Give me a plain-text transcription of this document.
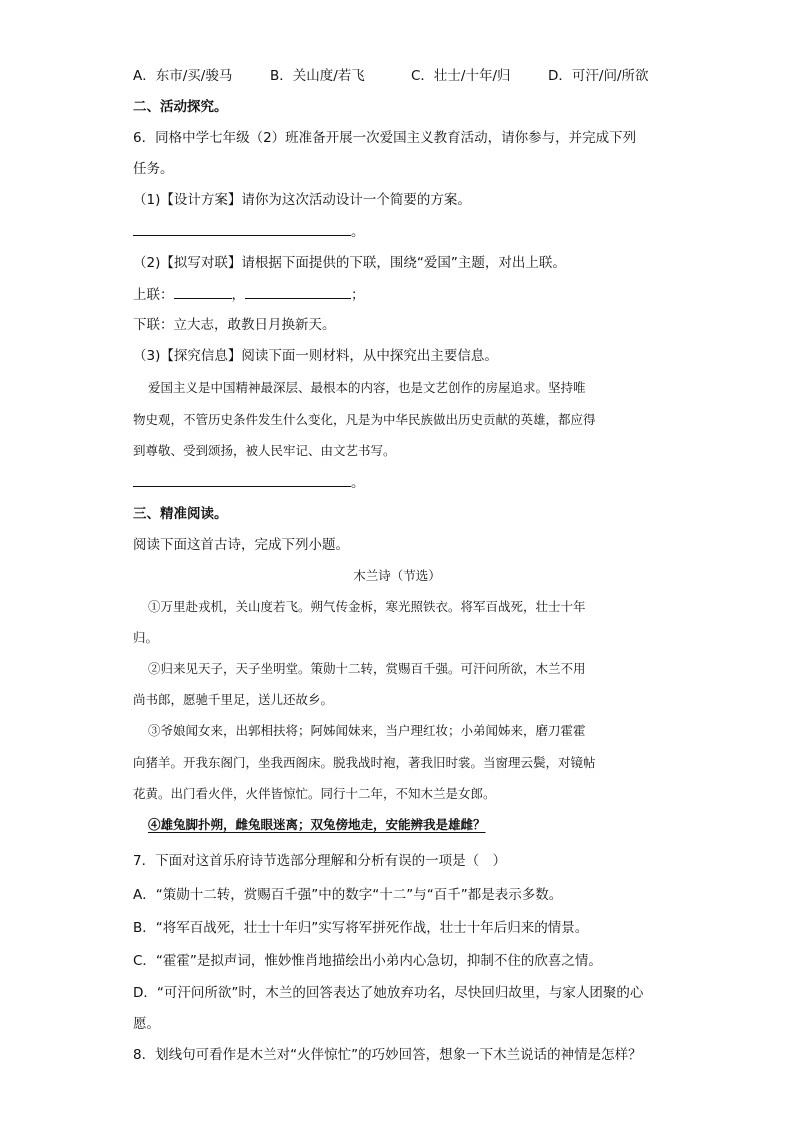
A．东市/买/骏马	B．关山度/若飞	C．壮士/十年/归	D．可汗/问/所欲
二、活动探究。
6．同格中学七年级（2）班准备开展一次爱国主义教育活动，请你参与，并完成下列
任务。
（1)【设计方案】请你为这次活动设计一个简要的方案。
。
（2)【拟写对联】请根据下面提供的下联，围绕“爱国”主题，对出上联。
上联：	，	；
下联：立大志，敢教日月换新天。
（3)【探究信息】阅读下面一则材料，从中探究出主要信息。
爱国主义是中国精神最深层、最根本的内容，也是文艺创作的房屋追求。坚持唯
物史观，不管历史条件发生什么变化，凡是为中华民族做出历史贡献的英雄，都应得
到尊敬、受到颂扬，被人民牢记、由文艺书写。
。
三、精准阅读。
阅读下面这首古诗，完成下列小题。
木兰诗（节选）
①万里赴戎机，关山度若飞。朔气传金柝，寒光照铁衣。将军百战死，壮士十年
归。
②归来见天子，天子坐明堂。策勋十二转，赏赐百千强。可汗问所欲，木兰不用
尚书郎，愿驰千里足，送儿还故乡。
③爷娘闻女来，出郭相扶将；阿姊闻妹来，当户理红妆；小弟闻姊来，磨刀霍霍
向猪羊。开我东阁门，坐我西阁床。脱我战时袍，著我旧时裳。当窗理云鬓，对镜帖
花黄。出门看火伴，火伴皆惊忙。同行十二年，不知木兰是女郎。
④雄兔脚扑朔，雌兔眼迷离；双兔傍地走，安能辨我是雄雌？
7．下面对这首乐府诗节选部分理解和分析有误的一项是（　）
A．“策勋十二转，赏赐百千强”中的数字“十二”与“百千”都是表示多数。
B．“将军百战死，壮士十年归”实写将军拼死作战，壮士十年后归来的情景。
C．“霍霍”是拟声词，惟妙惟肖地描绘出小弟内心急切，抑制不住的欣喜之情。
D．“可汗问所欲”时，木兰的回答表达了她放弃功名，尽快回归故里，与家人团聚的心
愿。
8．划线句可看作是木兰对“火伴惊忙”的巧妙回答，想象一下木兰说话的神情是怎样？
